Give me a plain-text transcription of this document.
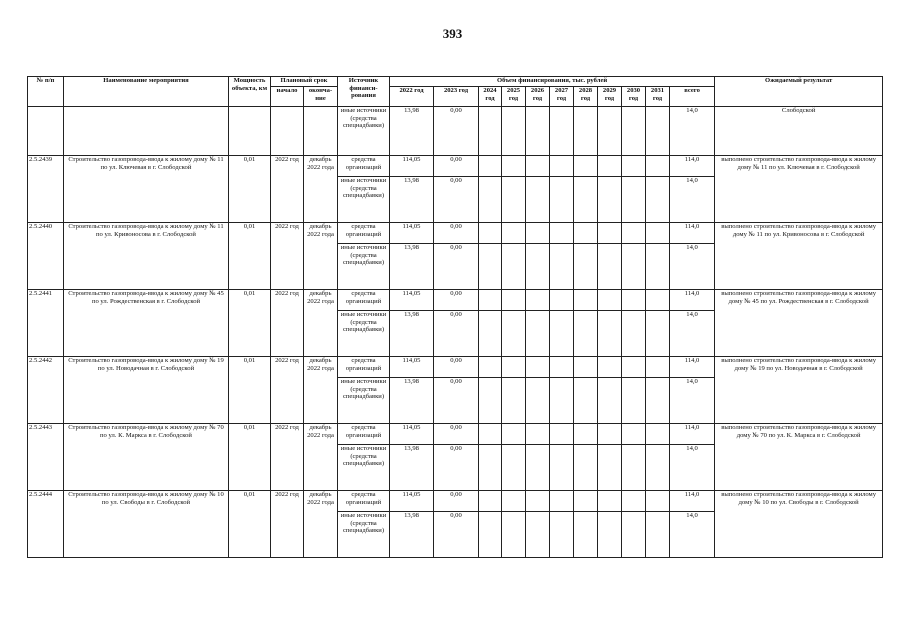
393
№ п/п	Наименование мероприятия	Мощность объекта, км	Плановый срок		Источник финанси-рования	Объем финансирования, тыс. рублей											Ожидаемый результат
			начало	оконча-ние		2022 год	2023 год	2024 год	2025 год	2026 год	2027 год	2028 год	2029 год	2030 год	2031 год	всего	
					иные источники (средства спецнадбавки)	13,98	0,00									14,0	Слободской
2.5.2439	Строительство газопровода-ввода к жилому дому № 11 по ул. Ключевая в г. Слободской	0,01	2022 год	декабрь 2022 года	средства организаций	114,05	0,00									114,0	выполнено строительство газопровода-ввода к жилому дому № 11 по ул. Ключевая в г. Слободской
					иные источники (средства спецнадбавки)	13,98	0,00									14,0	
2.5.2440	Строительство газопровода-ввода к жилому дому № 11 по ул. Кривоносова в г. Слободской	0,01	2022 год	декабрь 2022 года	средства организаций	114,05	0,00									114,0	выполнено строительство газопровода-ввода к жилому дому № 11 по ул. Кривоносова в г. Слободской
					иные источники (средства спецнадбавки)	13,98	0,00									14,0	
2.5.2441	Строительство газопровода-ввода к жилому дому № 45 по ул. Рождественская в г. Слободской	0,01	2022 год	декабрь 2022 года	средства организаций	114,05	0,00									114,0	выполнено строительство газопровода-ввода к жилому дому № 45 по ул. Рождественская в г. Слободской
					иные источники (средства спецнадбавки)	13,98	0,00									14,0	
2.5.2442	Строительство газопровода-ввода к жилому дому № 19 по ул. Новодачная в г. Слободской	0,01	2022 год	декабрь 2022 года	средства организаций	114,05	0,00									114,0	выполнено строительство газопровода-ввода к жилому дому № 19 по ул. Новодачная в г. Слободской
					иные источники (средства спецнадбавки)	13,98	0,00									14,0	
2.5.2443	Строительство газопровода-ввода к жилому дому № 70 по ул. К. Маркса в г. Слободской	0,01	2022 год	декабрь 2022 года	средства организаций	114,05	0,00									114,0	выполнено строительство газопровода-ввода к жилому дому № 70 по ул. К. Маркса в г. Слободской
					иные источники (средства спецнадбавки)	13,98	0,00									14,0	
2.5.2444	Строительство газопровода-ввода к жилому дому № 10 по ул. Свободы в г. Слободской	0,01	2022 год	декабрь 2022 года	средства организаций	114,05	0,00									114,0	выполнено строительство газопровода-ввода к жилому дому № 10 по ул. Свободы в г. Слободской
					иные источники (средства спецнадбавки)	13,98	0,00									14,0	
